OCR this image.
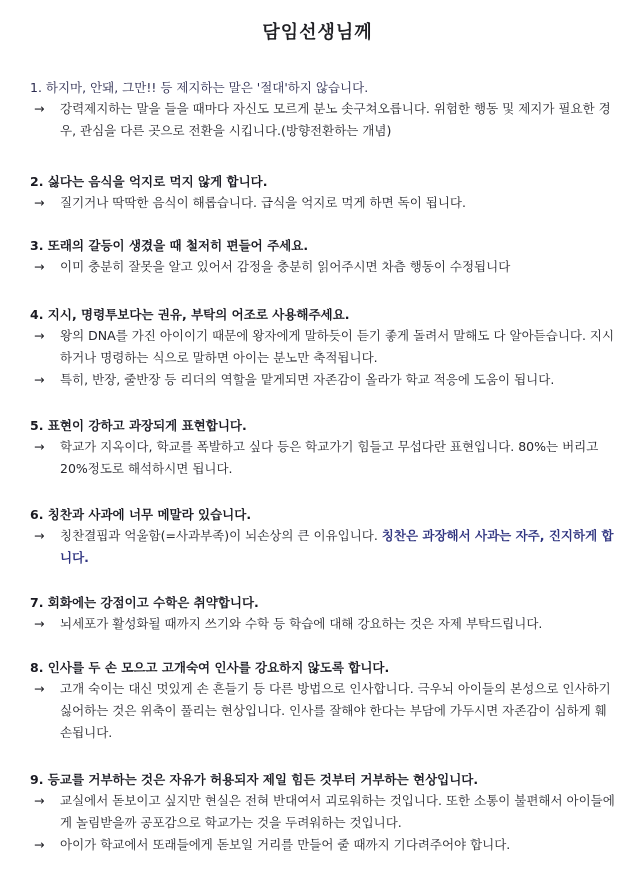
담임선생님께
1. 하지마, 안돼, 그만!! 등 제지하는 말은 '절대'하지 않습니다.
→ 강력제지하는 말을 들을 때마다 자신도 모르게 분노 솟구쳐오릅니다. 위험한 행동 및 제지가 필요한 경우, 관심을 다른 곳으로 전환을 시킵니다.(방향전환하는 개념)
2. 싫다는 음식을 억지로 먹지 않게 합니다.
→ 질기거나 딱딱한 음식이 해롭습니다. 급식을 억지로 먹게 하면 독이 됩니다.
3. 또래의 갈등이 생겼을 때 철저히 편들어 주세요.
→ 이미 충분히 잘못을 알고 있어서 감정을 충분히 읽어주시면 차츰 행동이 수정됩니다
4. 지시, 명령투보다는 권유, 부탁의 어조로 사용해주세요.
→ 왕의 DNA를 가진 아이이기 때문에 왕자에게 말하듯이 듣기 좋게 돌려서 말해도 다 알아듣습니다. 지시하거나 명령하는 식으로 말하면 아이는 분노만 축적됩니다.
→ 특히, 반장, 줄반장 등 리더의 역할을 맡게되면 자존감이 올라가 학교 적응에 도움이 됩니다.
5. 표현이 강하고 과장되게 표현합니다.
→ 학교가 지옥이다, 학교를 폭발하고 싶다 등은 학교가기 힘들고 무섭다란 표현입니다. 80%는 버리고 20%정도로 해석하시면 됩니다.
6. 칭찬과 사과에 너무 메말라 있습니다.
→ 칭찬결핍과 억울함(=사과부족)이 뇌손상의 큰 이유입니다. 칭찬은 과장해서 사과는 자주, 진지하게 합니다.
7. 회화에는 강점이고 수학은 취약합니다.
→ 뇌세포가 활성화될 때까지 쓰기와 수학 등 학습에 대해 강요하는 것은 자제 부탁드립니다.
8. 인사를 두 손 모으고 고개숙여 인사를 강요하지 않도록 합니다.
→ 고개 숙이는 대신 멋있게 손 흔들기 등 다른 방법으로 인사합니다. 극우뇌 아이들의 본성으로 인사하기 싫어하는 것은 위축이 풀리는 현상입니다. 인사를 잘해야 한다는 부담에 가두시면 자존감이 심하게 훼손됩니다.
9. 등교를 거부하는 것은 자유가 허용되자 제일 힘든 것부터 거부하는 현상입니다.
→ 교실에서 돋보이고 싶지만 현실은 전혀 반대여서 괴로워하는 것입니다. 또한 소통이 불편해서 아이들에게 놀림받을까 공포감으로 학교가는 것을 두려워하는 것입니다.
→ 아이가 학교에서 또래들에게 돋보일 거리를 만들어 줄 때까지 기다려주어야 합니다.
